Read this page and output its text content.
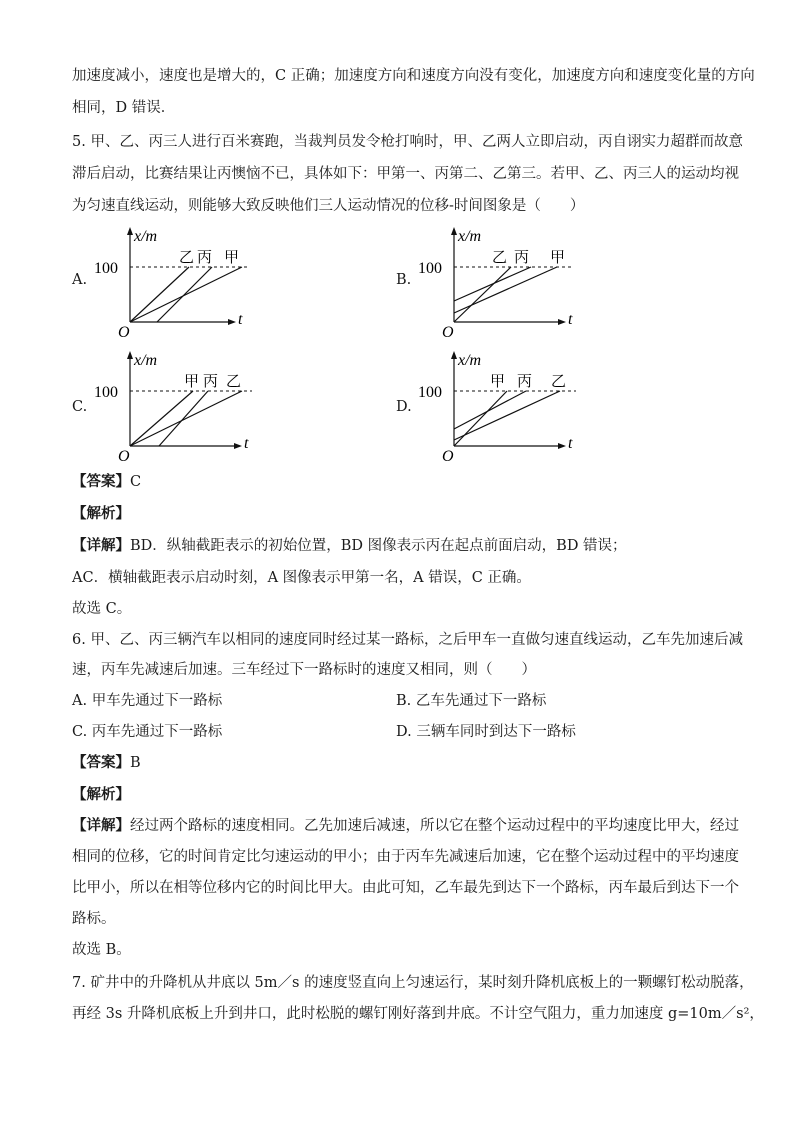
加速度减小，速度也是增大的，C 正确；加速度方向和速度方向没有变化，加速度方向和速度变化量的方向
相同，D 错误．
5. 甲、乙、丙三人进行百米赛跑，当裁判员发令枪打响时，甲、乙两人立即启动，丙自诩实力超群而故意
滞后启动，比赛结果让丙懊恼不已，具体如下：甲第一、丙第二、乙第三。若甲、乙、丙三人的运动均视
为匀速直线运动，则能够大致反映他们三人运动情况的位移-时间图象是（　　）
A.
x/m
O
t
100
乙 丙 甲
B.
x/m
O
t
100
乙 丙 甲
C.
x/m
O
t
100
甲 丙 乙
D.
x/m
O
t
100
甲 丙 乙
【答案】C
【解析】
【详解】BD．纵轴截距表示的初始位置，BD 图像表示丙在起点前面启动，BD 错误；
AC．横轴截距表示启动时刻，A 图像表示甲第一名，A 错误，C 正确。
故选 C。
6. 甲、乙、丙三辆汽车以相同的速度同时经过某一路标，之后甲车一直做匀速直线运动，乙车先加速后减
速，丙车先减速后加速。三车经过下一路标时的速度又相同，则（　　）
A. 甲车先通过下一路标	B. 乙车先通过下一路标
C. 丙车先通过下一路标	D. 三辆车同时到达下一路标
【答案】B
【解析】
【详解】经过两个路标的速度相同。乙先加速后减速，所以它在整个运动过程中的平均速度比甲大，经过
相同的位移，它的时间肯定比匀速运动的甲小；由于丙车先减速后加速，它在整个运动过程中的平均速度
比甲小，所以在相等位移内它的时间比甲大。由此可知，乙车最先到达下一个路标，丙车最后到达下一个
路标。
故选 B。
7. 矿井中的升降机从井底以 5m／s 的速度竖直向上匀速运行，某时刻升降机底板上的一颗螺钉松动脱落，
再经 3s 升降机底板上升到井口，此时松脱的螺钉刚好落到井底。不计空气阻力，重力加速度 g=10m／s²，
